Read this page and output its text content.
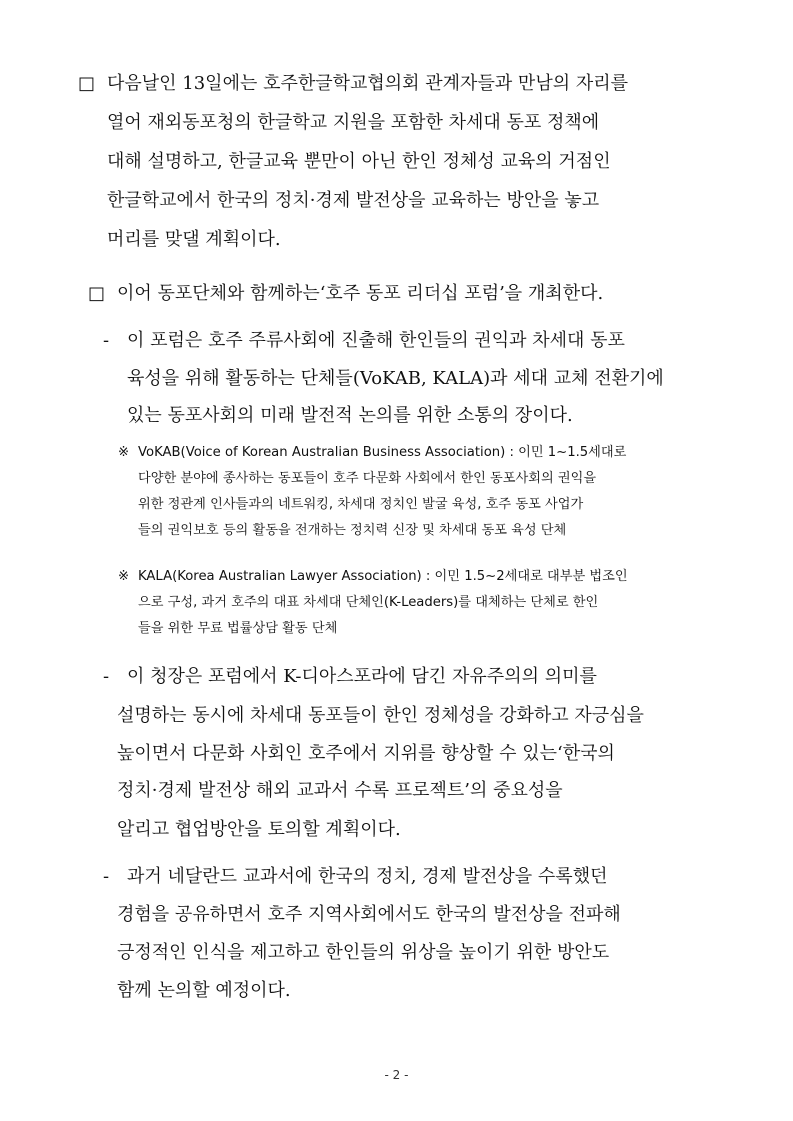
□ 다음날인 13일에는 호주한글학교협의회 관계자들과 만남의 자리를
열어 재외동포청의 한글학교 지원을 포함한 차세대 동포 정책에
대해 설명하고, 한글교육 뿐만이 아닌 한인 정체성 교육의 거점인
한글학교에서 한국의 정치·경제 발전상을 교육하는 방안을 놓고
머리를 맞댈 계획이다.
□ 이어 동포단체와 함께하는‘호주 동포 리더십 포럼’을 개최한다.
- 이 포럼은 호주 주류사회에 진출해 한인들의 권익과 차세대 동포
육성을 위해 활동하는 단체들(VoKAB, KALA)과 세대 교체 전환기에
있는 동포사회의 미래 발전적 논의를 위한 소통의 장이다.
※ VoKAB(Voice of Korean Australian Business Association) : 이민 1~1.5세대로
다양한 분야에 종사하는 동포들이 호주 다문화 사회에서 한인 동포사회의 권익을
위한 정관계 인사들과의 네트워킹, 차세대 정치인 발굴 육성, 호주 동포 사업가
들의 권익보호 등의 활동을 전개하는 정치력 신장 및 차세대 동포 육성 단체
※ KALA(Korea Australian Lawyer Association) : 이민 1.5~2세대로 대부분 법조인
으로 구성, 과거 호주의 대표 차세대 단체인(K-Leaders)를 대체하는 단체로 한인
들을 위한 무료 법률상담 활동 단체
- 이 청장은 포럼에서 K-디아스포라에 담긴 자유주의의 의미를
설명하는 동시에 차세대 동포들이 한인 정체성을 강화하고 자긍심을
높이면서 다문화 사회인 호주에서 지위를 향상할 수 있는‘한국의
정치·경제 발전상 해외 교과서 수록 프로젝트’의 중요성을
알리고 협업방안을 토의할 계획이다.
- 과거 네달란드 교과서에 한국의 정치, 경제 발전상을 수록했던
경험을 공유하면서 호주 지역사회에서도 한국의 발전상을 전파해
긍정적인 인식을 제고하고 한인들의 위상을 높이기 위한 방안도
함께 논의할 예정이다.
- 2 -
